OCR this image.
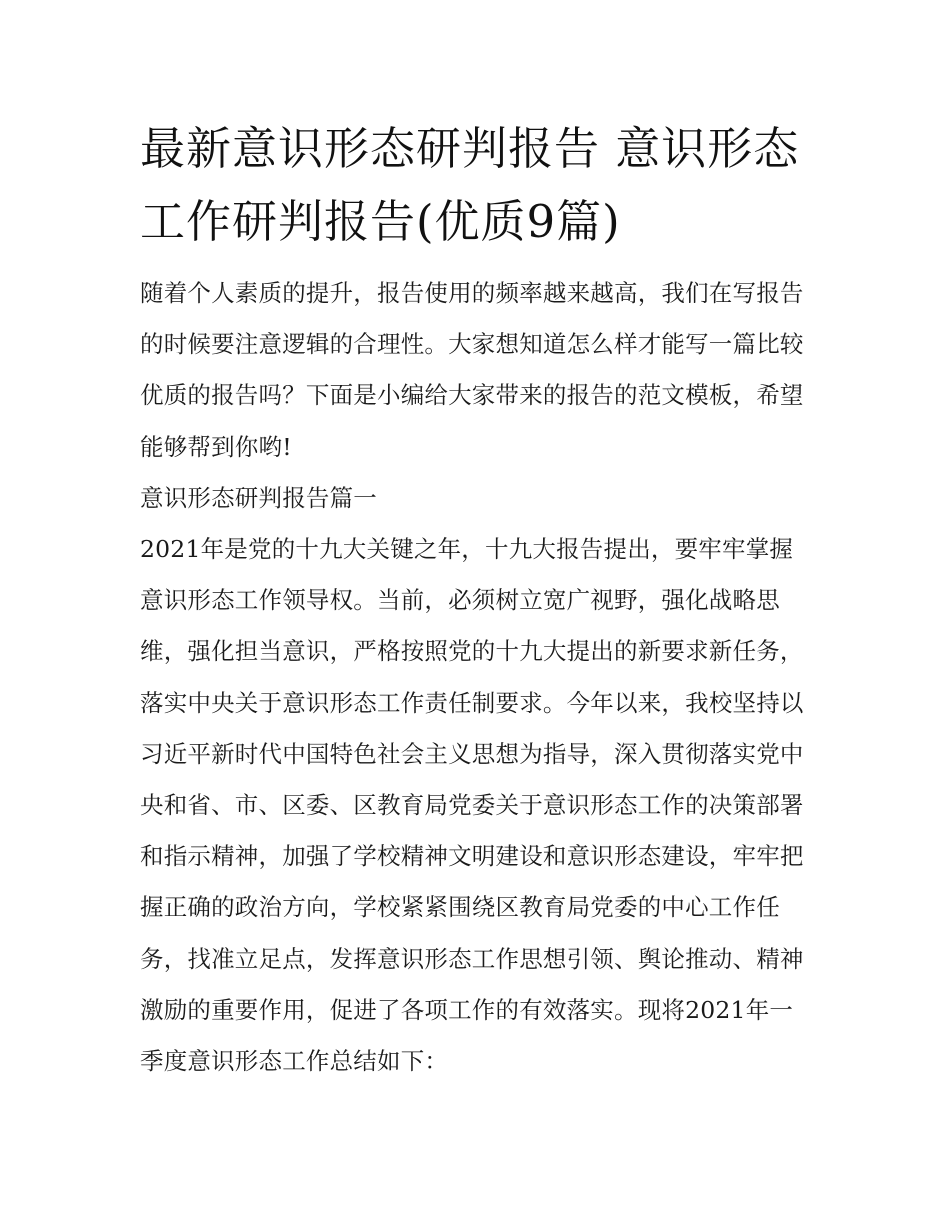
最新意识形态研判报告 意识形态工作研判报告(优质9篇)

随着个人素质的提升，报告使用的频率越来越高，我们在写报告的时候要注意逻辑的合理性。大家想知道怎么样才能写一篇比较优质的报告吗？下面是小编给大家带来的报告的范文模板，希望能够帮到你哟!

意识形态研判报告篇一

2021年是党的十九大关键之年，十九大报告提出，要牢牢掌握意识形态工作领导权。当前，必须树立宽广视野，强化战略思维，强化担当意识，严格按照党的十九大提出的新要求新任务，落实中央关于意识形态工作责任制要求。今年以来，我校坚持以习近平新时代中国特色社会主义思想为指导，深入贯彻落实党中央和省、市、区委、区教育局党委关于意识形态工作的决策部署和指示精神，加强了学校精神文明建设和意识形态建设，牢牢把握正确的政治方向，学校紧紧围绕区教育局党委的中心工作任务，找准立足点，发挥意识形态工作思想引领、舆论推动、精神激励的重要作用，促进了各项工作的有效落实。现将2021年一季度意识形态工作总结如下：
